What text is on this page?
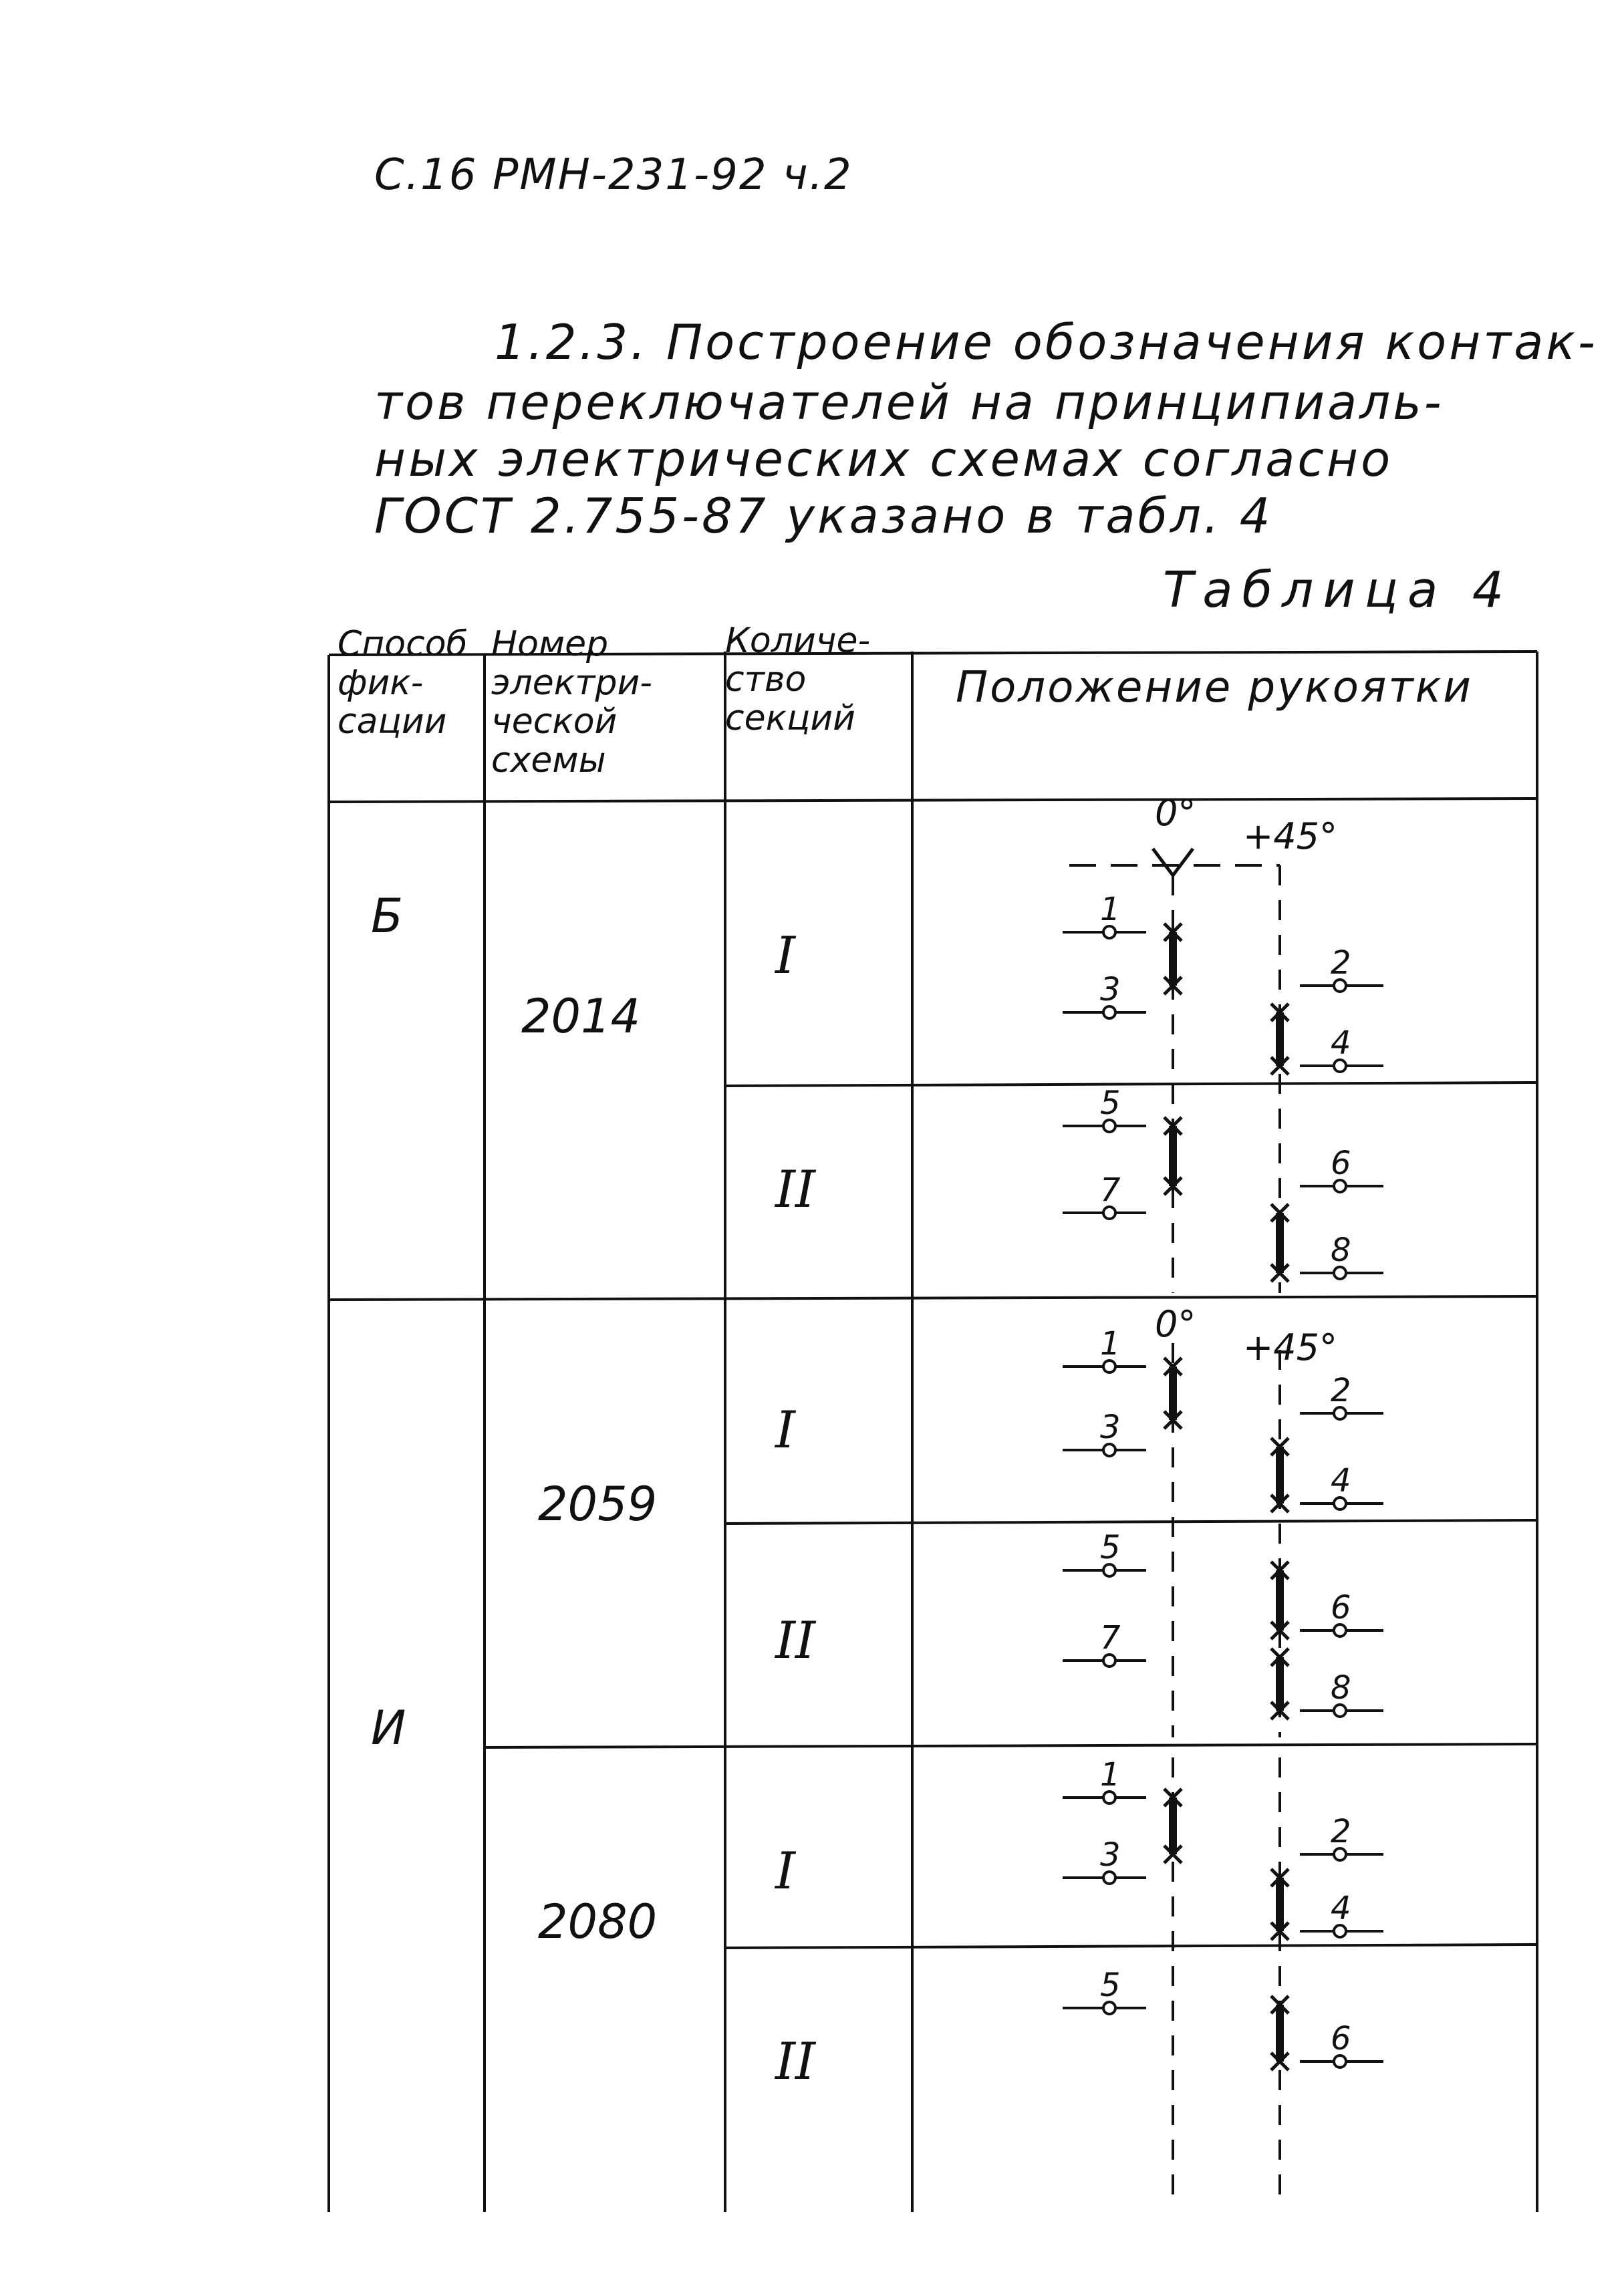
С.16 РМН-231-92 ч.2
1.2.3. Построение обозначения контак-
тов переключателей на принципиаль-
ных электрических схемах согласно
ГОСТ 2.755-87 указано в табл. 4
Таблица 4
0°
+45°
1
3
2
4
5
7
6
8
0°
+45°
1
3
2
4
5
7
6
8
1
3
2
4
5
6
Способ фик- сации
Номер электри- ческой схемы
Количе- ство секций
Положение рукоятки
Б
2014
I
II
И
2059
I
II
2080
I
II
